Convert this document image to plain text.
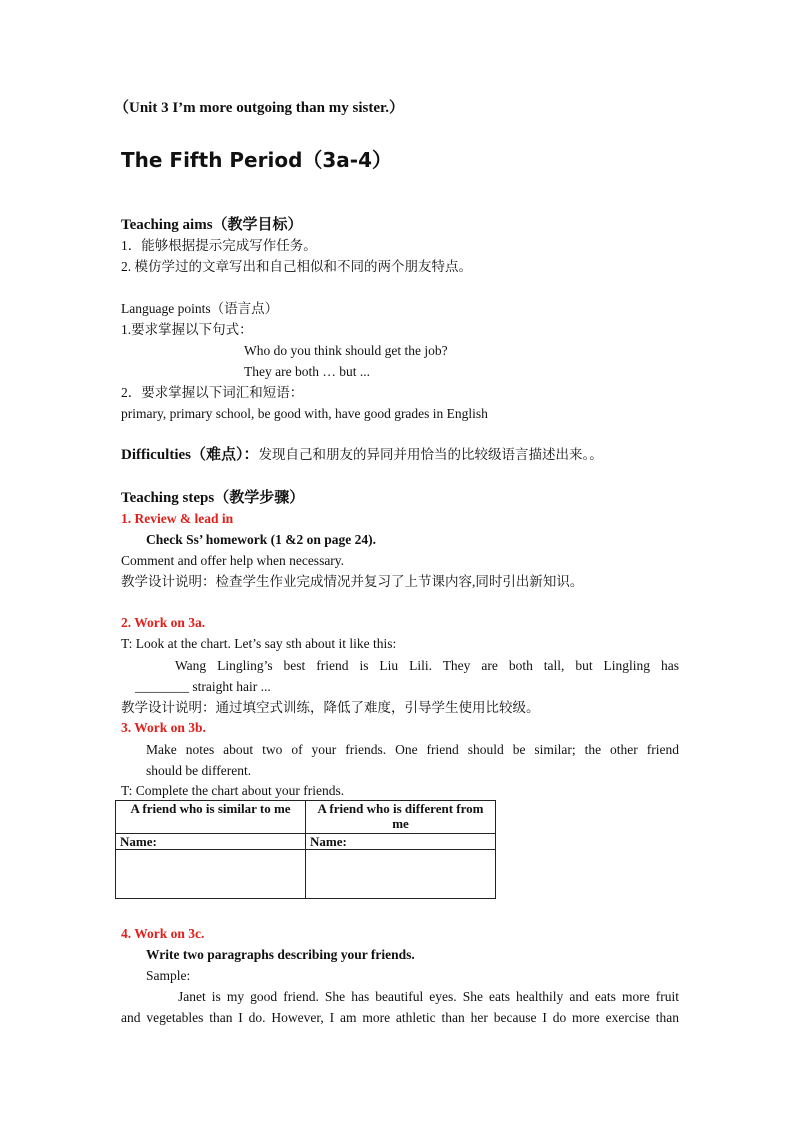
（Unit 3 I’m more outgoing than my sister.）
The Fifth Period（3a-4）
Teaching aims（教学目标）
1．能够根据提示完成写作任务。
2. 模仿学过的文章写出和自己相似和不同的两个朋友特点。
Language points（语言点）
1.要求掌握以下句式：
Who do you think should get the job?
They are both … but ...
2．要求掌握以下词汇和短语：
primary, primary school, be good with, have good grades in English
Difficulties（难点）：发现自己和朋友的异同并用恰当的比较级语言描述出来。。
Teaching steps（教学步骤）
1. Review & lead in
Check Ss’ homework (1 &2 on page 24).
Comment and offer help when necessary.
教学设计说明：检查学生作业完成情况并复习了上节课内容,同时引出新知识。
2. Work on 3a.
T: Look at the chart. Let’s say sth about it like this:
Wang Lingling’s best friend is Liu Lili. They are both tall, but Lingling has
________ straight hair ...
教学设计说明：通过填空式训练，降低了难度，引导学生使用比较级。
3. Work on 3b.
Make notes about two of your friends. One friend should be similar; the other friend
should be different.
T: Complete the chart about your friends.
A friend who is similar to me	A friend who is different from me
Name:	Name:

4. Work on 3c.
Write two paragraphs describing your friends.
Sample:
Janet is my good friend. She has beautiful eyes. She eats healthily and eats more fruit
and vegetables than I do. However, I am more athletic than her because I do more exercise than
